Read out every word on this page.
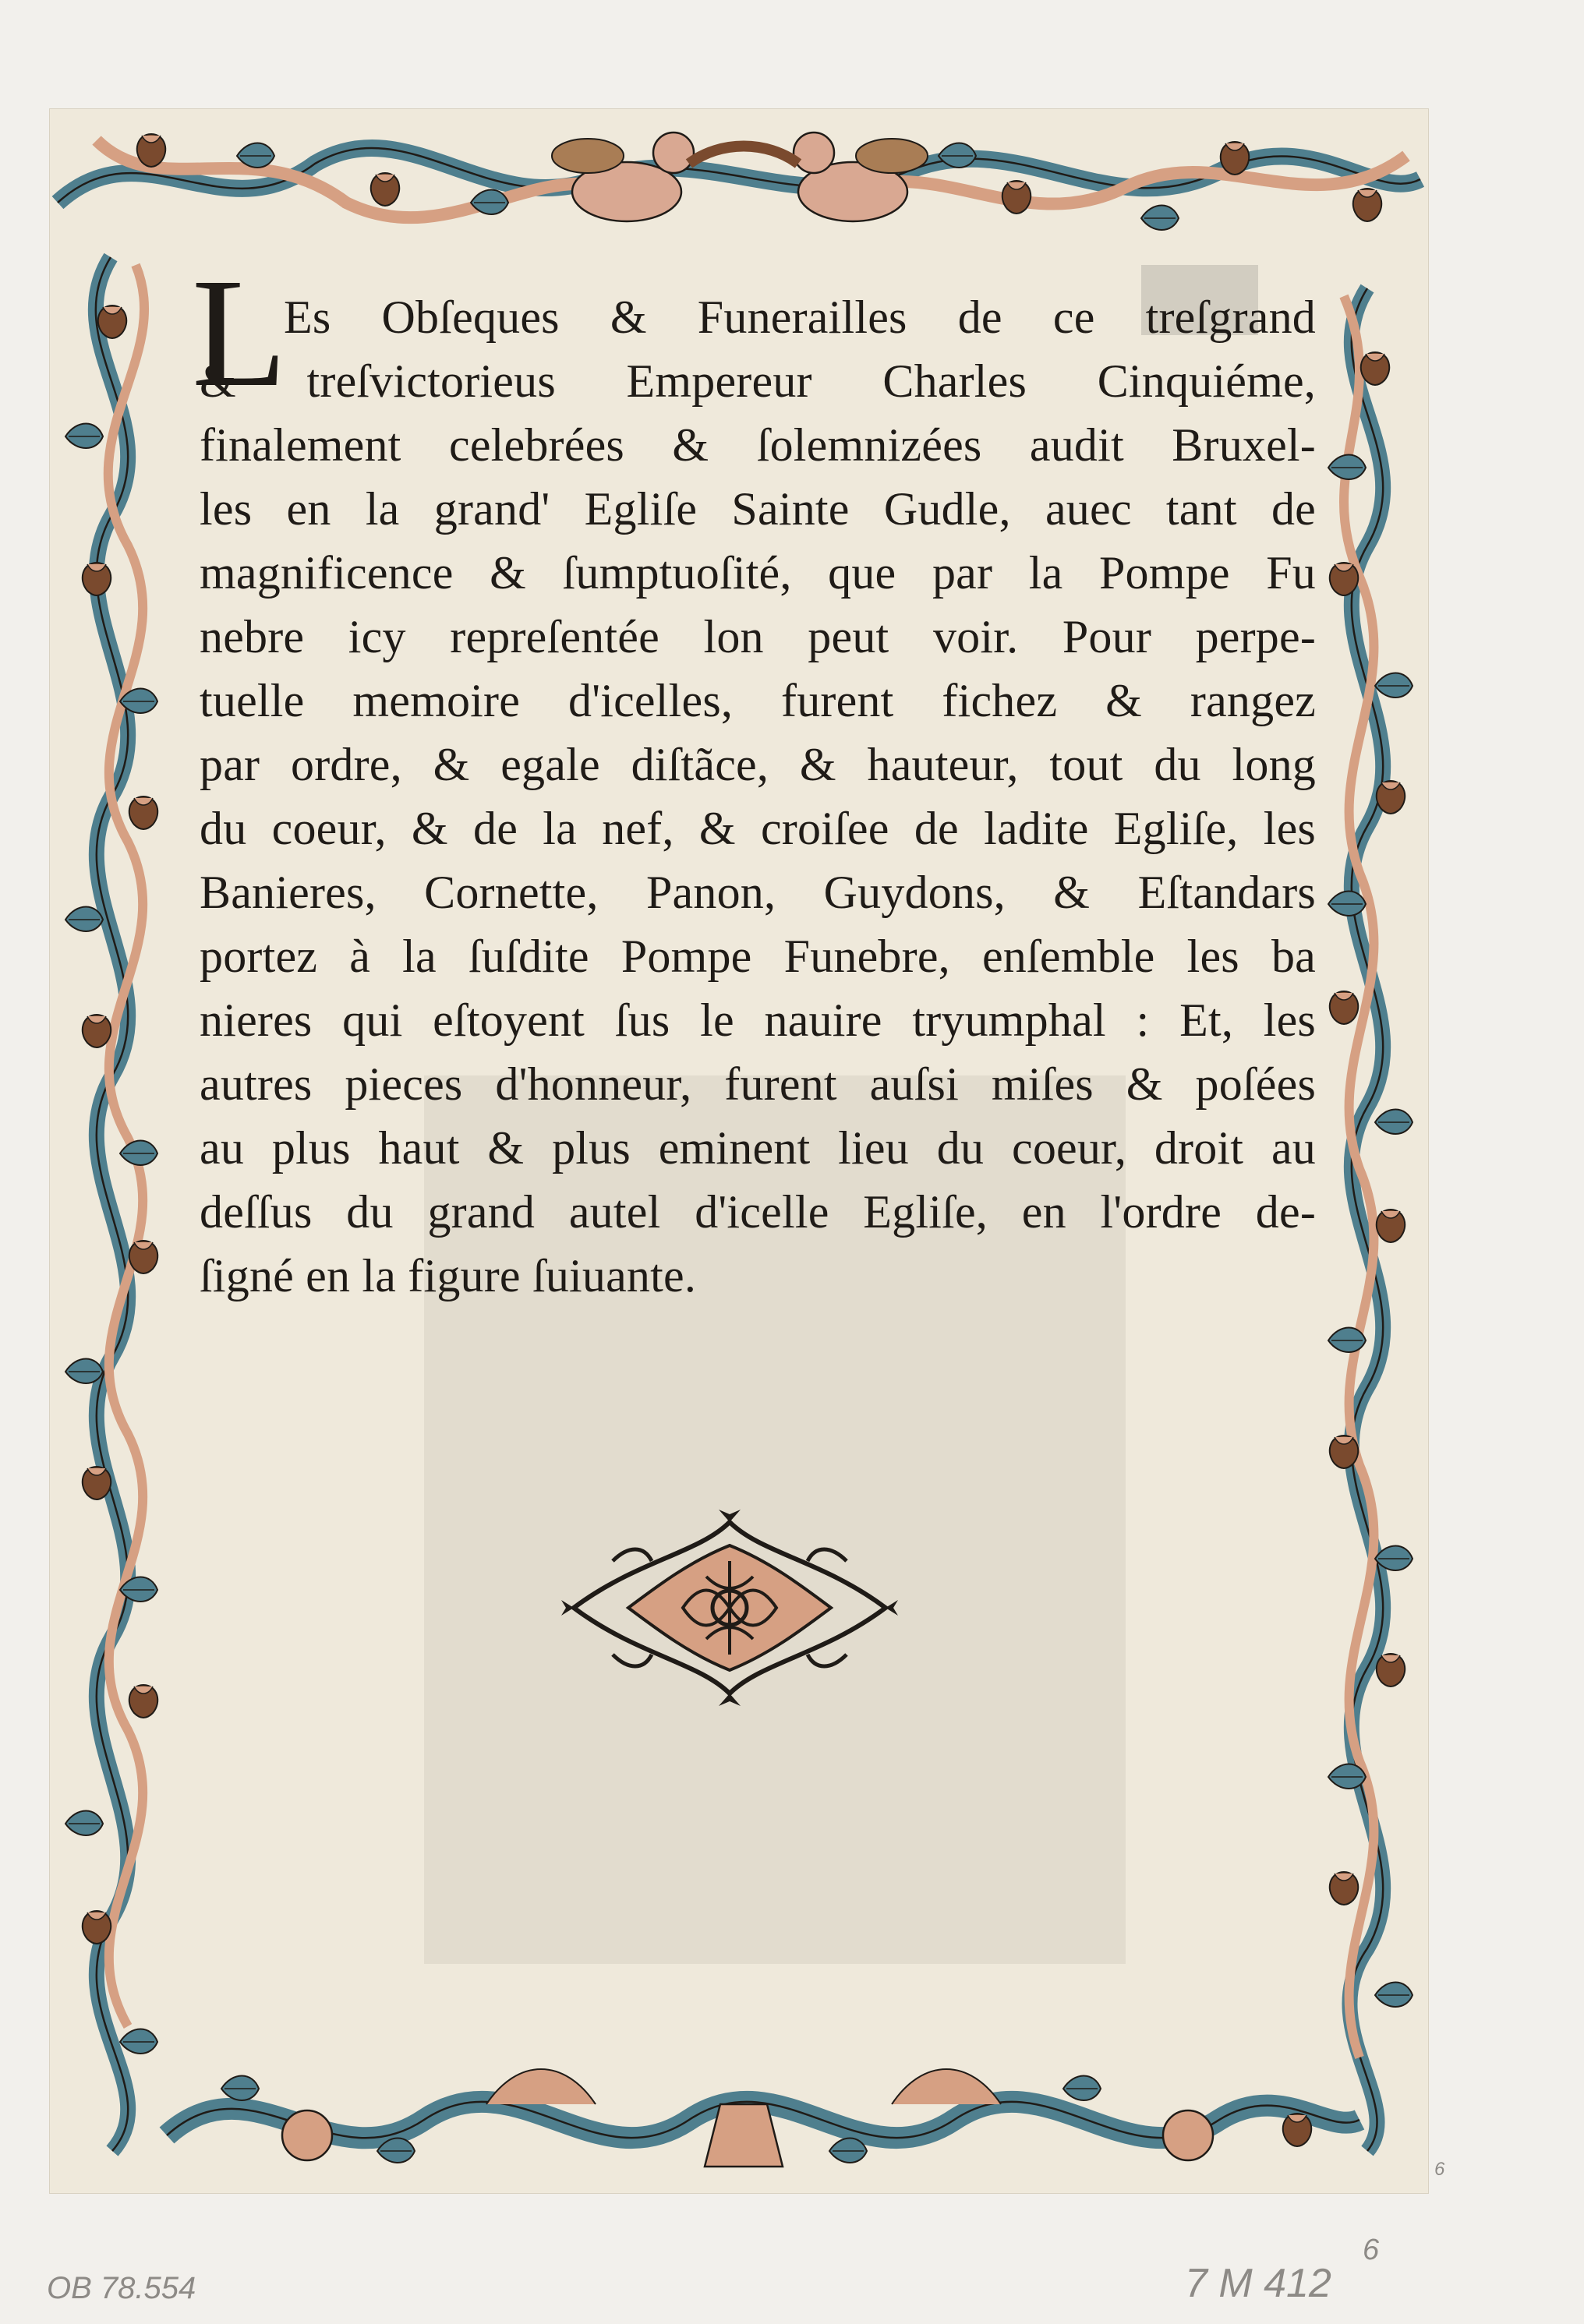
L
Es Obſeques & Funerailles de ce treſgrand
& treſvictorieus Empereur Charles Cinquiéme,
finalement celebrées & ſolemnizées audit Bruxel-
les en la grand' Egliſe Sainte Gudle, auec tant de
magnificence & ſumptuoſité, que par la Pompe Fu
nebre icy repreſentée lon peut voir. Pour perpe-
tuelle memoire d'icelles, furent fichez & rangez
par ordre, & egale diſtãce, & hauteur, tout du long
du coeur, & de la nef, & croiſee de ladite Egliſe, les
Banieres, Cornette, Panon, Guydons, & Eſtandars
portez à la ſuſdite Pompe Funebre, enſemble les ba
nieres qui eſtoyent ſus le nauire tryumphal : Et, les
autres pieces d'honneur, furent auſsi miſes & poſées
au plus haut & plus eminent lieu du coeur, droit au
deſſus du grand autel d'icelle Egliſe, en l'ordre de-
ſigné en la figure ſuiuante.
6
OB 78.554	7 M 412
6
